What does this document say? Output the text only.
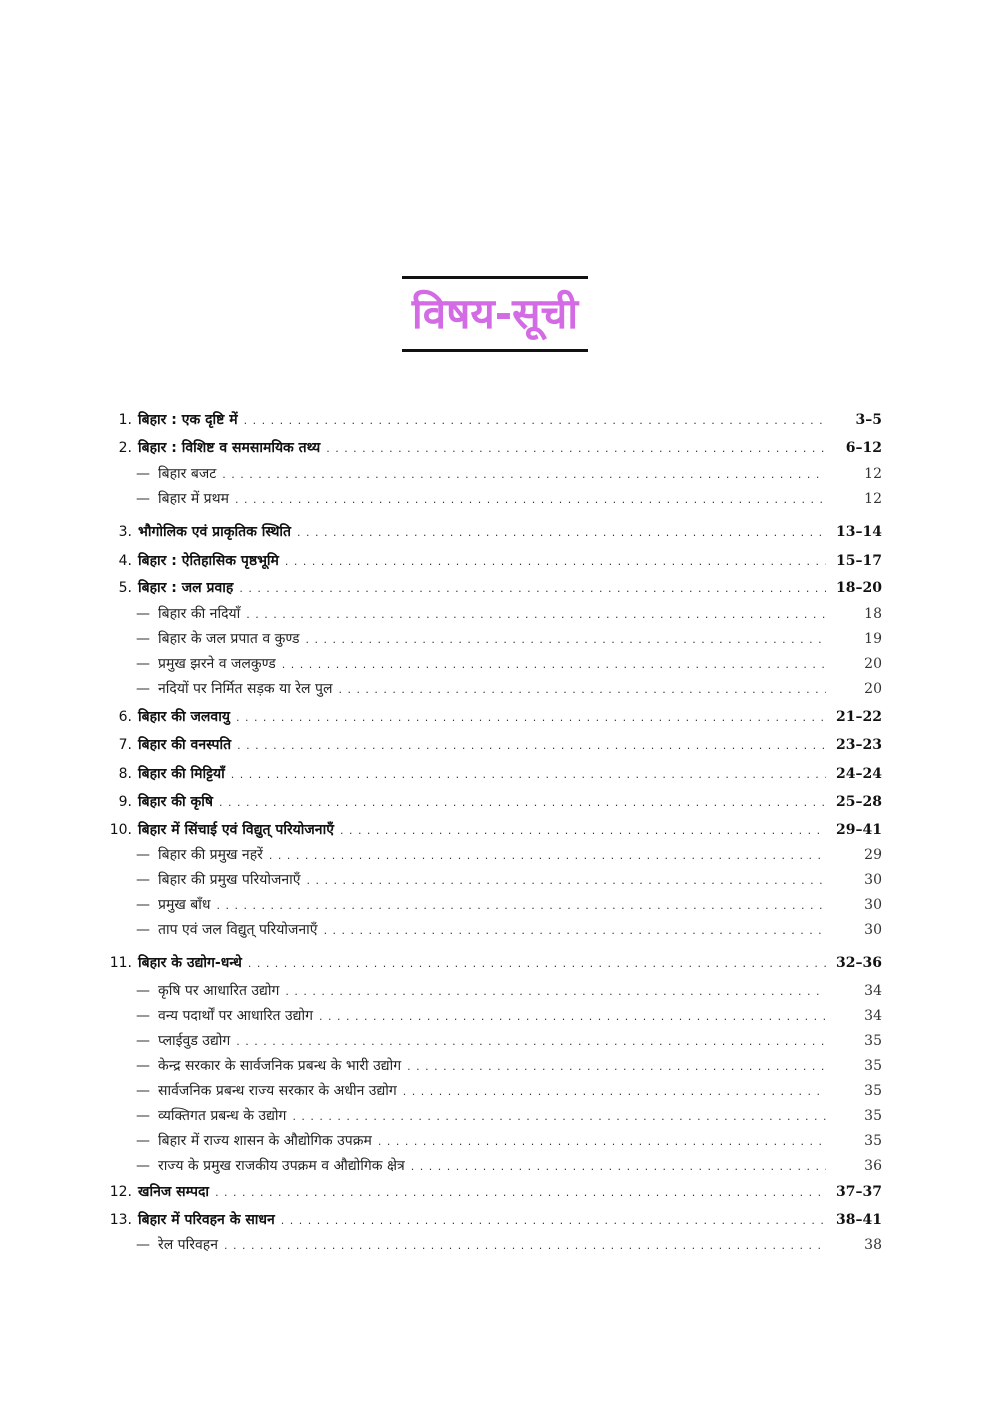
विषय-सूची
1. बिहार : एक दृष्टि में . . .	3–5
2. बिहार : विशिष्ट व समसामयिक तथ्य . . .	6–12
— बिहार बजट . . .	12
— बिहार में प्रथम . . .	12
3. भौगोलिक एवं प्राकृतिक स्थिति . . .	13–14
4. बिहार : ऐतिहासिक पृष्ठभूमि . . .	15–17
5. बिहार : जल प्रवाह . . .	18–20
— बिहार की नदियाँ . . .	18
— बिहार के जल प्रपात व कुण्ड . . .	19
— प्रमुख झरने व जलकुण्ड . . .	20
— नदियों पर निर्मित सड़क या रेल पुल . . .	20
6. बिहार की जलवायु . . .	21–22
7. बिहार की वनस्पति . . .	23–23
8. बिहार की मिट्टियाँ . . .	24–24
9. बिहार की कृषि . . .	25–28
10. बिहार में सिंचाई एवं विद्युत् परियोजनाएँ . . .	29–41
— बिहार की प्रमुख नहरें . . .	29
— बिहार की प्रमुख परियोजनाएँ . . .	30
— प्रमुख बाँध . . .	30
— ताप एवं जल विद्युत् परियोजनाएँ . . .	30
11. बिहार के उद्योग-धन्धे . . .	32–36
— कृषि पर आधारित उद्योग . . .	34
— वन्य पदार्थों पर आधारित उद्योग . . .	34
— प्लाईवुड उद्योग . . .	35
— केन्द्र सरकार के सार्वजनिक प्रबन्ध के भारी उद्योग . . .	35
— सार्वजनिक प्रबन्ध राज्य सरकार के अधीन उद्योग . . .	35
— व्यक्तिगत प्रबन्ध के उद्योग . . .	35
— बिहार में राज्य शासन के औद्योगिक उपक्रम . . .	35
— राज्य के प्रमुख राजकीय उपक्रम व औद्योगिक क्षेत्र . . .	36
12. खनिज सम्पदा . . .	37–37
13. बिहार में परिवहन के साधन . . .	38–41
— रेल परिवहन . . .	38
